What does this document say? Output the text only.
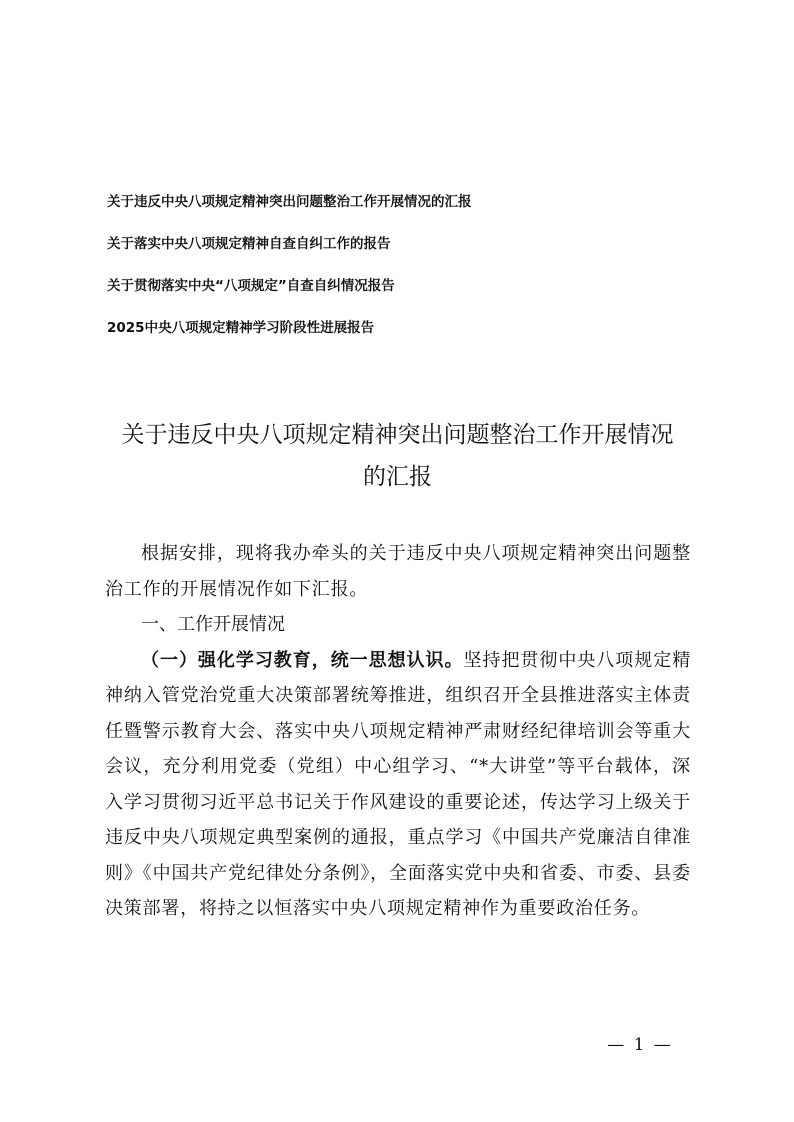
关于违反中央八项规定精神突出问题整治工作开展情况的汇报
关于落实中央八项规定精神自查自纠工作的报告
关于贯彻落实中央“八项规定”自查自纠情况报告
2025中央八项规定精神学习阶段性进展报告
关于违反中央八项规定精神突出问题整治工作开展情况
的汇报

根据安排，现将我办牵头的关于违反中央八项规定精神突出问题整治工作的开展情况作如下汇报。

一、工作开展情况

（一）强化学习教育，统一思想认识。坚持把贯彻中央八项规定精神纳入管党治党重大决策部署统筹推进，组织召开全县推进落实主体责任暨警示教育大会、落实中央八项规定精神严肃财经纪律培训会等重大会议，充分利用党委（党组）中心组学习、“*大讲堂”等平台载体，深入学习贯彻习近平总书记关于作风建设的重要论述，传达学习上级关于违反中央八项规定典型案例的通报，重点学习《中国共产党廉洁自律准则》《中国共产党纪律处分条例》，全面落实党中央和省委、市委、县委决策部署，将持之以恒落实中央八项规定精神作为重要政治任务。

— 1 —
